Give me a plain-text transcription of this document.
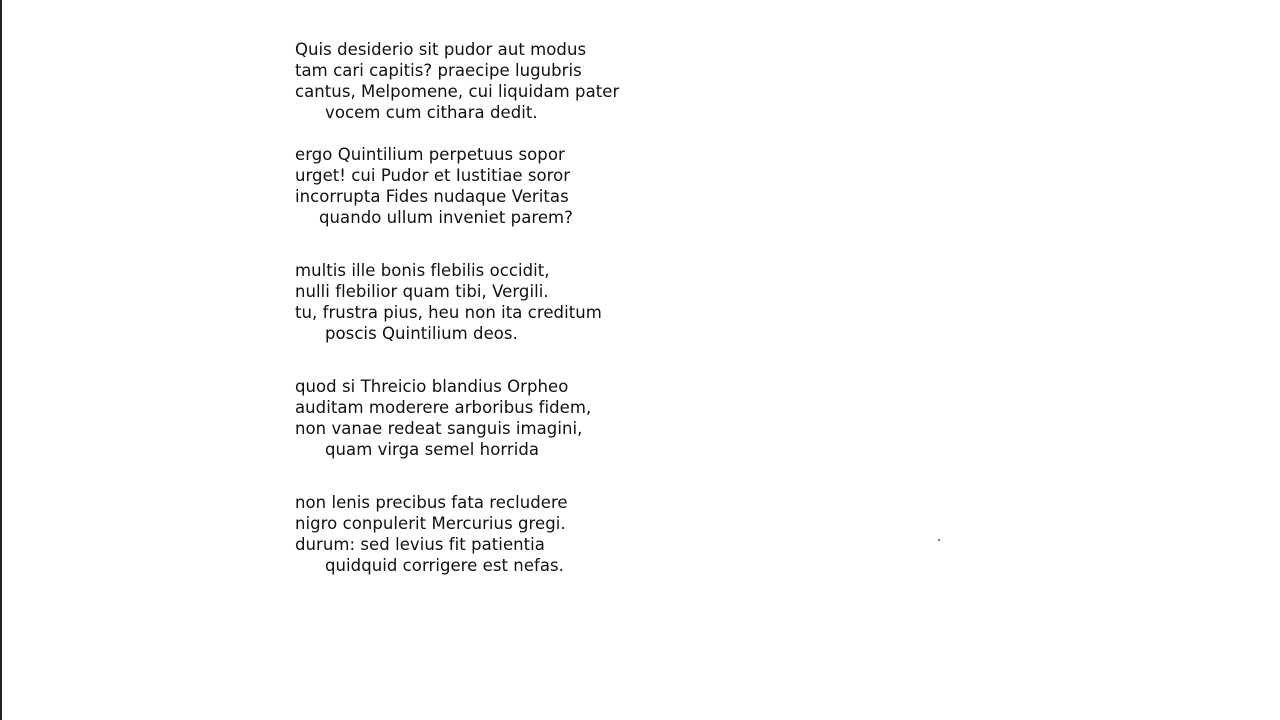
Quis desiderio sit pudor aut modus
tam cari capitis? praecipe lugubris
cantus, Melpomene, cui liquidam pater
vocem cum cithara dedit.
ergo Quintilium perpetuus sopor
urget! cui Pudor et Iustitiae soror
incorrupta Fides nudaque Veritas
quando ullum inveniet parem?
multis ille bonis flebilis occidit,
nulli flebilior quam tibi, Vergili.
tu, frustra pius, heu non ita creditum
poscis Quintilium deos.
quod si Threicio blandius Orpheo
auditam moderere arboribus fidem,
non vanae redeat sanguis imagini,
quam virga semel horrida
non lenis precibus fata recludere
nigro conpulerit Mercurius gregi.
durum: sed levius fit patientia
quidquid corrigere est nefas.
